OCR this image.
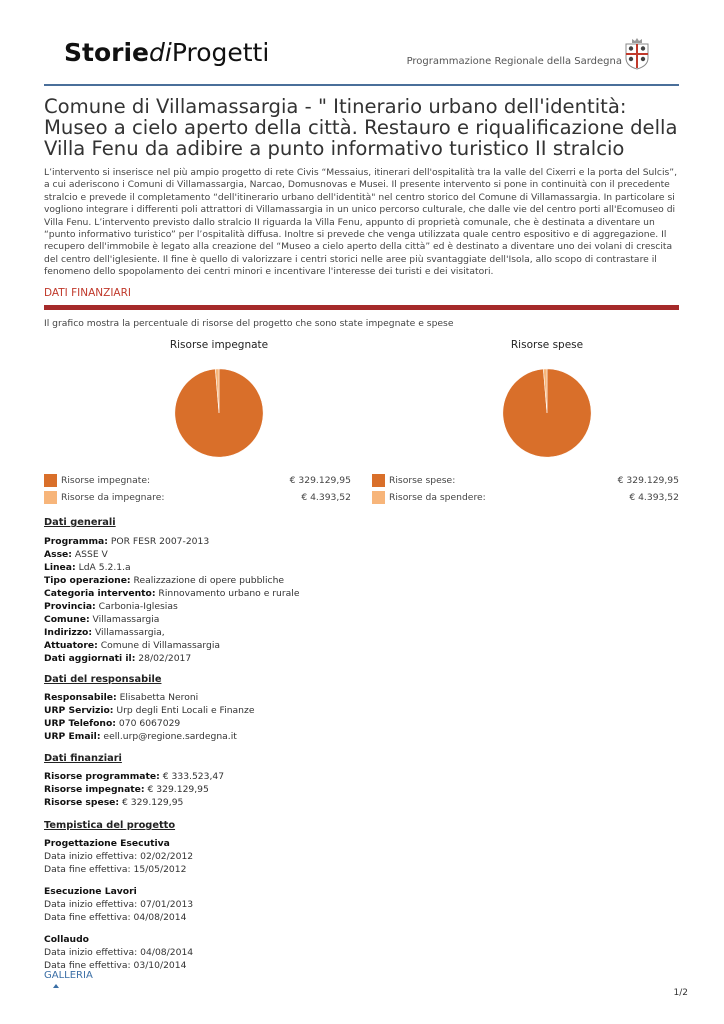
StoriediProgetti	Programmazione Regionale della Sardegna
Comune di Villamassargia - " Itinerario urbano dell'identità: Museo a cielo aperto della città. Restauro e riqualificazione della Villa Fenu da adibire a punto informativo turistico II stralcio

L’intervento si inserisce nel più ampio progetto di rete Civis “Messaius, itinerari dell'ospitalità tra la valle del Cixerri e la porta del Sulcis”, a cui aderiscono i Comuni di Villamassargia, Narcao, Domusnovas e Musei. Il presente intervento si pone in continuità con il precedente stralcio e prevede il completamento “dell'itinerario urbano dell'identità" nel centro storico del Comune di Villamassargia. In particolare si vogliono integrare i differenti poli attrattori di Villamassargia in un unico percorso culturale, che dalle vie del centro porti all'Ecomuseo di Villa Fenu. L’intervento previsto dallo stralcio II riguarda la Villa Fenu, appunto di proprietà comunale, che è destinata a diventare un “punto informativo turistico” per l’ospitalità diffusa. Inoltre si prevede che venga utilizzata quale centro espositivo e di aggregazione. Il recupero dell'immobile è legato alla creazione del “Museo a cielo aperto della città” ed è destinato a diventare uno dei volani di crescita del centro dell'iglesiente. Il fine è quello di valorizzare i centri storici nelle aree più svantaggiate dell'Isola, allo scopo di contrastare il fenomeno dello spopolamento dei centri minori e incentivare l'interesse dei turisti e dei visitatori.

DATI FINANZIARI
Il grafico mostra la percentuale di risorse del progetto che sono state impegnate e spese
Risorse impegnate
Risorse impegnate:	€ 329.129,95
Risorse da impegnare:	€ 4.393,52
Risorse spese
Risorse spese:	€ 329.129,95
Risorse da spendere:	€ 4.393,52
Dati generali
Programma: POR FESR 2007-2013
Asse: ASSE V
Linea: LdA 5.2.1.a
Tipo operazione: Realizzazione di opere pubbliche
Categoria intervento: Rinnovamento urbano e rurale
Provincia: Carbonia-Iglesias
Comune: Villamassargia
Indirizzo: Villamassargia,
Attuatore: Comune di Villamassargia
Dati aggiornati il: 28/02/2017
Dati del responsabile
Responsabile: Elisabetta Neroni
URP Servizio: Urp degli Enti Locali e Finanze
URP Telefono: 070 6067029
URP Email: eell.urp@regione.sardegna.it
Dati finanziari
Risorse programmate: € 333.523,47
Risorse impegnate: € 329.129,95
Risorse spese: € 329.129,95
Tempistica del progetto
Progettazione Esecutiva
Data inizio effettiva: 02/02/2012
Data fine effettiva: 15/05/2012
Esecuzione Lavori
Data inizio effettiva: 07/01/2013
Data fine effettiva: 04/08/2014
Collaudo
Data inizio effettiva: 04/08/2014
Data fine effettiva: 03/10/2014
GALLERIA
1/2
